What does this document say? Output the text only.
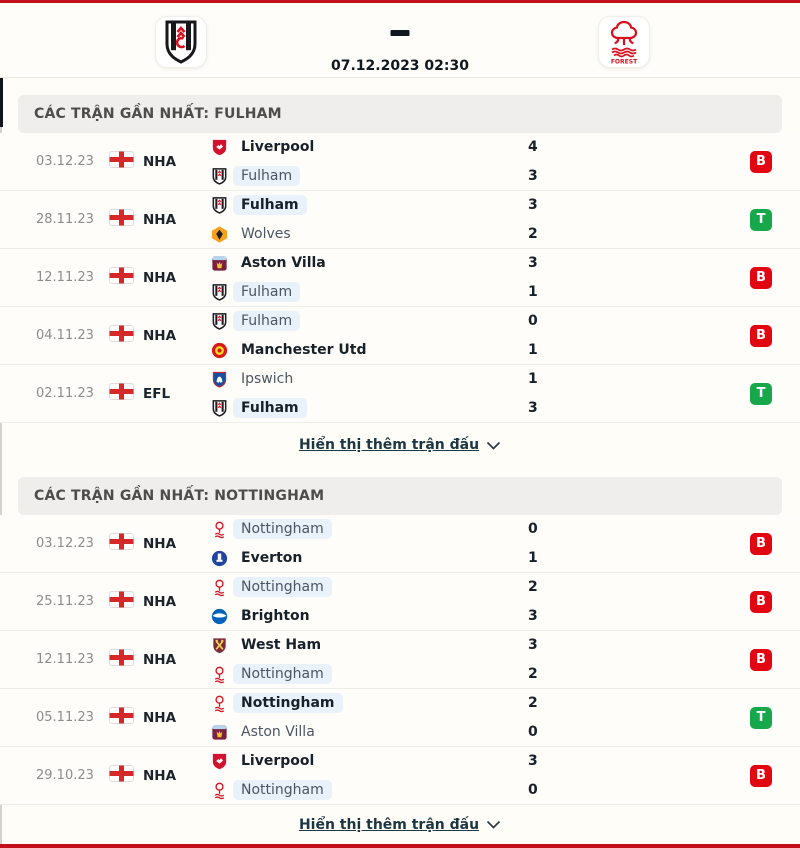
07.12.2023 02:30	FOREST
CÁC TRẬN GẦN NHẤT: FULHAM
03.12.23	NHA
Liverpool	4
Fulham	3
B
28.11.23	NHA
Fulham	3
Wolves	2
T
12.11.23	NHA
Aston Villa	3
Fulham	1
B
04.11.23	NHA
Fulham	0
Manchester Utd	1
B
02.11.23	EFL
Ipswich	1
Fulham	3
T
Hiển thị thêm trận đấu
CÁC TRẬN GẦN NHẤT: NOTTINGHAM
03.12.23	NHA
Nottingham	0
Everton	1
B
25.11.23	NHA
Nottingham	2
Brighton	3
B
12.11.23	NHA
West Ham	3
Nottingham	2
B
05.11.23	NHA
Nottingham	2
Aston Villa	0
T
29.10.23	NHA
Liverpool	3
Nottingham	0
B
Hiển thị thêm trận đấu
